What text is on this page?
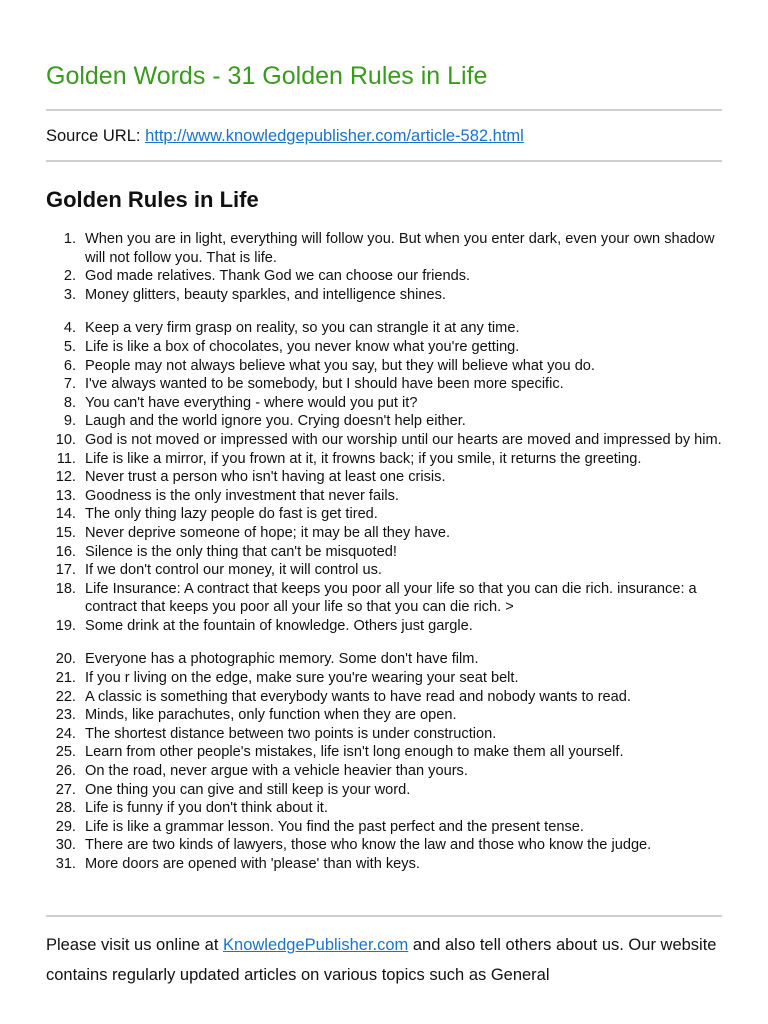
Golden Words - 31 Golden Rules in Life
Source URL: http://www.knowledgepublisher.com/article-582.html
Golden Rules in Life
1. When you are in light, everything will follow you. But when you enter dark, even your own shadow will not follow you. That is life.
2. God made relatives. Thank God we can choose our friends.
3. Money glitters, beauty sparkles, and intelligence shines.
4. Keep a very firm grasp on reality, so you can strangle it at any time.
5. Life is like a box of chocolates, you never know what you're getting.
6. People may not always believe what you say, but they will believe what you do.
7. I've always wanted to be somebody, but I should have been more specific.
8. You can't have everything - where would you put it?
9. Laugh and the world ignore you. Crying doesn't help either.
10. God is not moved or impressed with our worship until our hearts are moved and impressed by him.
11. Life is like a mirror, if you frown at it, it frowns back; if you smile, it returns the greeting.
12. Never trust a person who isn't having at least one crisis.
13. Goodness is the only investment that never fails.
14. The only thing lazy people do fast is get tired.
15. Never deprive someone of hope; it may be all they have.
16. Silence is the only thing that can't be misquoted!
17. If we don't control our money, it will control us.
18. Life Insurance: A contract that keeps you poor all your life so that you can die rich. insurance: a contract that keeps you poor all your life so that you can die rich. >
19. Some drink at the fountain of knowledge. Others just gargle.
20. Everyone has a photographic memory. Some don't have film.
21. If you r living on the edge, make sure you're wearing your seat belt.
22. A classic is something that everybody wants to have read and nobody wants to read.
23. Minds, like parachutes, only function when they are open.
24. The shortest distance between two points is under construction.
25. Learn from other people's mistakes, life isn't long enough to make them all yourself.
26. On the road, never argue with a vehicle heavier than yours.
27. One thing you can give and still keep is your word.
28. Life is funny if you don't think about it.
29. Life is like a grammar lesson. You find the past perfect and the present tense.
30. There are two kinds of lawyers, those who know the law and those who know the judge.
31. More doors are opened with 'please' than with keys.
Please visit us online at KnowledgePublisher.com and also tell others about us. Our website contains regularly updated articles on various topics such as General
